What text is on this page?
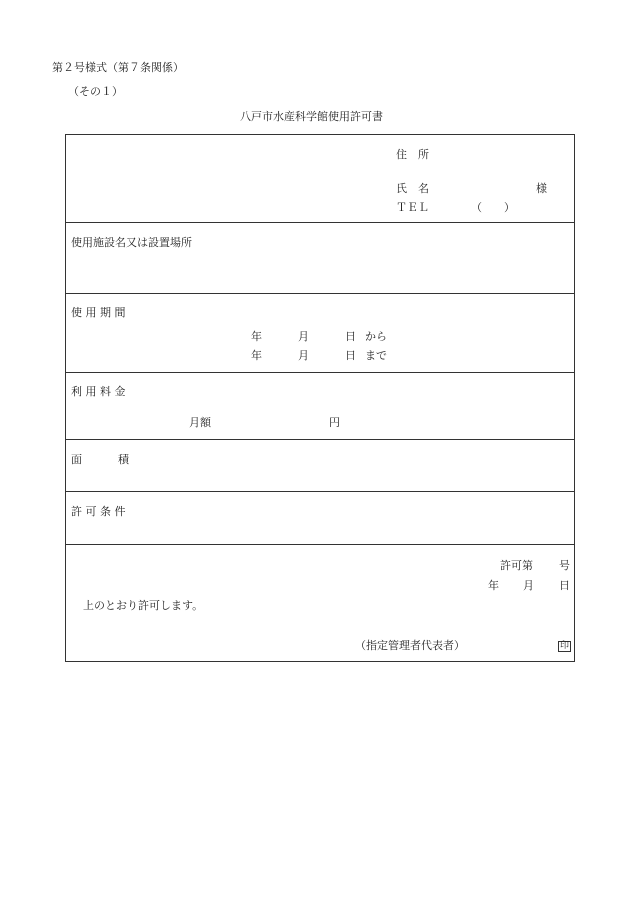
第２号様式（第７条関係）
（その１）
八戸市水産科学館使用許可書
住　所
氏　名	様
ＴＥＬ	（　　）
使用施設名又は設置場所
使 用 期 間
年	月	日 から
年	月	日 まで
利 用 料 金
月額	円
面	積
許 可 条 件
許可第 号
年 月 日
上のとおり許可します。
（指定管理者代表者）	印
